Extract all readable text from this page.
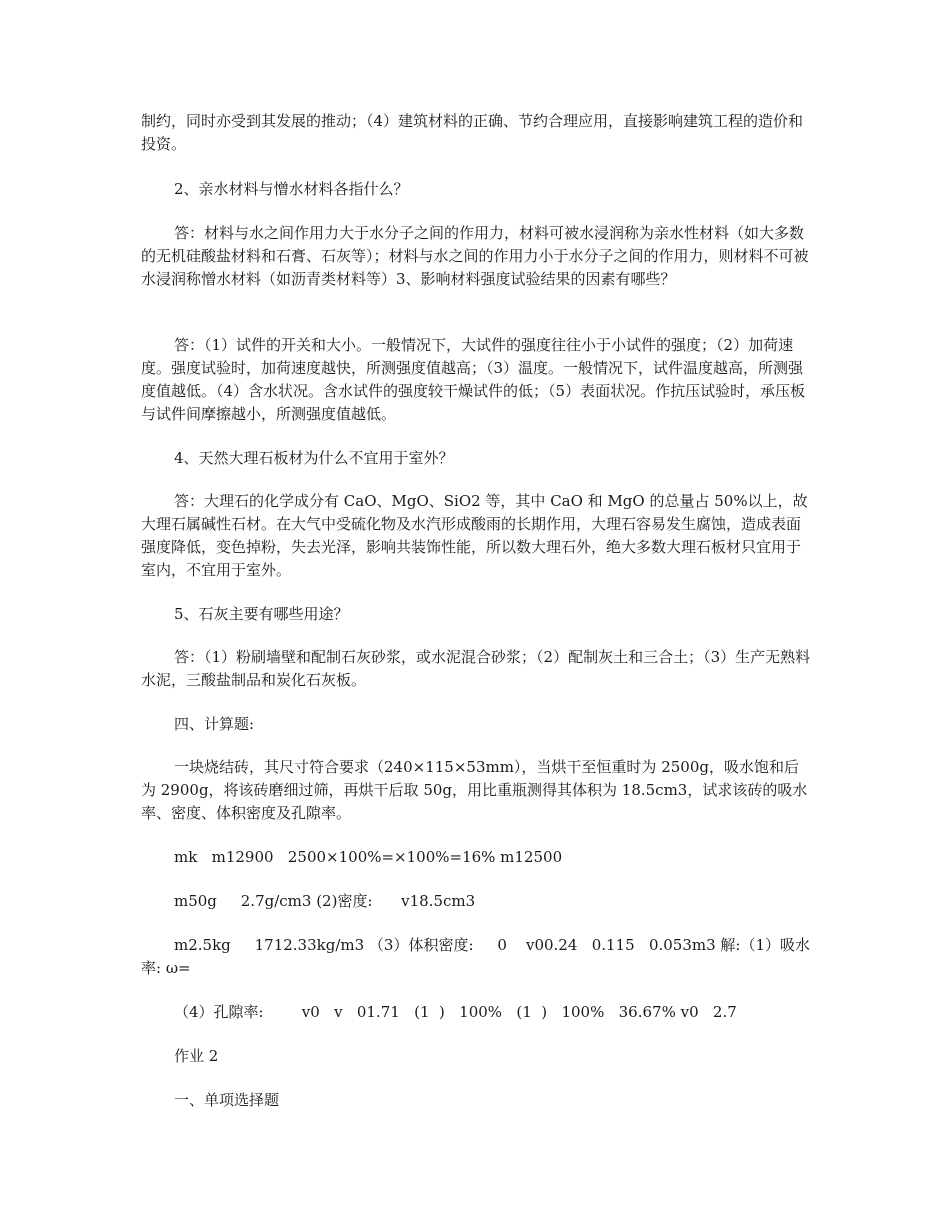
制约，同时亦受到其发展的推动；（4）建筑材料的正确、节约合理应用，直接影响建筑工程的造价和投资。
2、亲水材料与憎水材料各指什么？
答：材料与水之间作用力大于水分子之间的作用力，材料可被水浸润称为亲水性材料（如大多数的无机硅酸盐材料和石膏、石灰等）；材料与水之间的作用力小于水分子之间的作用力，则材料不可被水浸润称憎水材料（如沥青类材料等）3、影响材料强度试验结果的因素有哪些？
答：（1）试件的开关和大小。一般情况下，大试件的强度往往小于小试件的强度；（2）加荷速度。强度试验时，加荷速度越快，所测强度值越高；（3）温度。一般情况下，试件温度越高，所测强度值越低。（4）含水状况。含水试件的强度较干燥试件的低；（5）表面状况。作抗压试验时，承压板与试件间摩擦越小，所测强度值越低。
4、天然大理石板材为什么不宜用于室外？
答：大理石的化学成分有 CaO、MgO、SiO2 等，其中 CaO 和 MgO 的总量占 50%以上，故大理石属碱性石材。在大气中受硫化物及水汽形成酸雨的长期作用，大理石容易发生腐蚀，造成表面强度降低，变色掉粉，失去光泽，影响共装饰性能，所以数大理石外，绝大多数大理石板材只宜用于室内，不宜用于室外。
5、石灰主要有哪些用途？
答：（1）粉刷墙壁和配制石灰砂浆，或水泥混合砂浆；（2）配制灰土和三合土；（3）生产无熟料水泥，三酸盐制品和炭化石灰板。
四、计算题:
一块烧结砖，其尺寸符合要求（240×115×53mm），当烘干至恒重时为 2500g，吸水饱和后为 2900g，将该砖磨细过筛，再烘干后取 50g，用比重瓶测得其体积为 18.5cm3，试求该砖的吸水率、密度、体积密度及孔隙率。
mk   m12900   2500×100%=×100%=16% m12500
m50g     2.7g/cm3 (2)密度:      v18.5cm3
m2.5kg     1712.33kg/m3 （3）体积密度:     0    v00.24   0.115   0.053m3 解:（1）吸水率: ω=
（4）孔隙率:        v0   v   01.71   (1  )   100%   (1  )   100%   36.67% v0   2.7
作业 2
一、单项选择题
